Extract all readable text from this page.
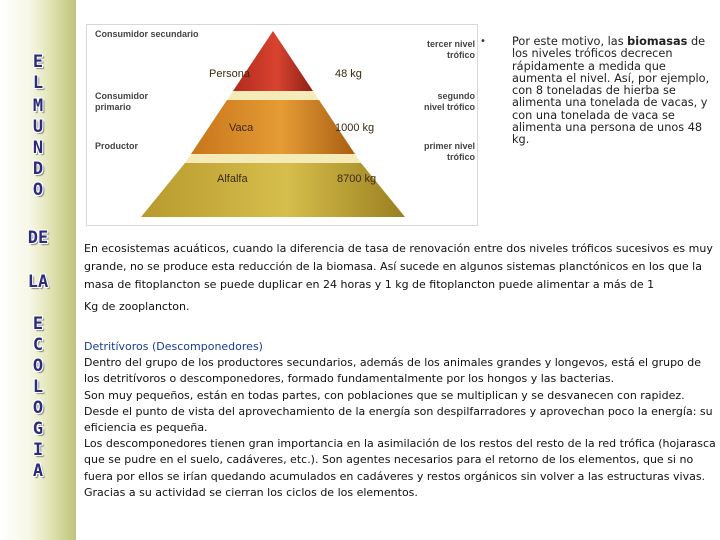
E
L
M
U
N
D
O
DE
LA
E
C
O
L
O
G
I
A
Consumidor secundario
Consumidor primario
Productor
tercer nivel trófico
segundo nivel trófico
primer nivel trófico
Persona	48 kg
Vaca	1000 kg
Alfalfa	8700 kg
• Por este motivo, las biomasas de los niveles tróficos decrecen rápidamente a medida que aumenta el nivel. Así, por ejemplo, con 8 toneladas de hierba se alimenta una tonelada de vacas, y con una tonelada de vaca se alimenta una persona de unos 48 kg.
En ecosistemas acuáticos, cuando la diferencia de tasa de renovación entre dos niveles tróficos sucesivos es muy grande, no se produce esta reducción de la biomasa. Así sucede en algunos sistemas planctónicos en los que la masa de fitoplancton se puede duplicar en 24 horas y 1 kg de fitoplancton puede alimentar a más de 1
Kg de zooplancton.
Detritívoros (Descomponedores)
Dentro del grupo de los productores secundarios, además de los animales grandes y longevos, está el grupo de los detritívoros o descomponedores, formado fundamentalmente por los hongos y las bacterias.
Son muy pequeños, están en todas partes, con poblaciones que se multiplican y se desvanecen con rapidez.
Desde el punto de vista del aprovechamiento de la energía son despilfarradores y aprovechan poco la energía: su eficiencia es pequeña.
Los descomponedores tienen gran importancia en la asimilación de los restos del resto de la red trófica (hojarasca que se pudre en el suelo, cadáveres, etc.). Son agentes necesarios para el retorno de los elementos, que si no fuera por ellos se irían quedando acumulados en cadáveres y restos orgánicos sin volver a las estructuras vivas. Gracias a su actividad se cierran los ciclos de los elementos.
